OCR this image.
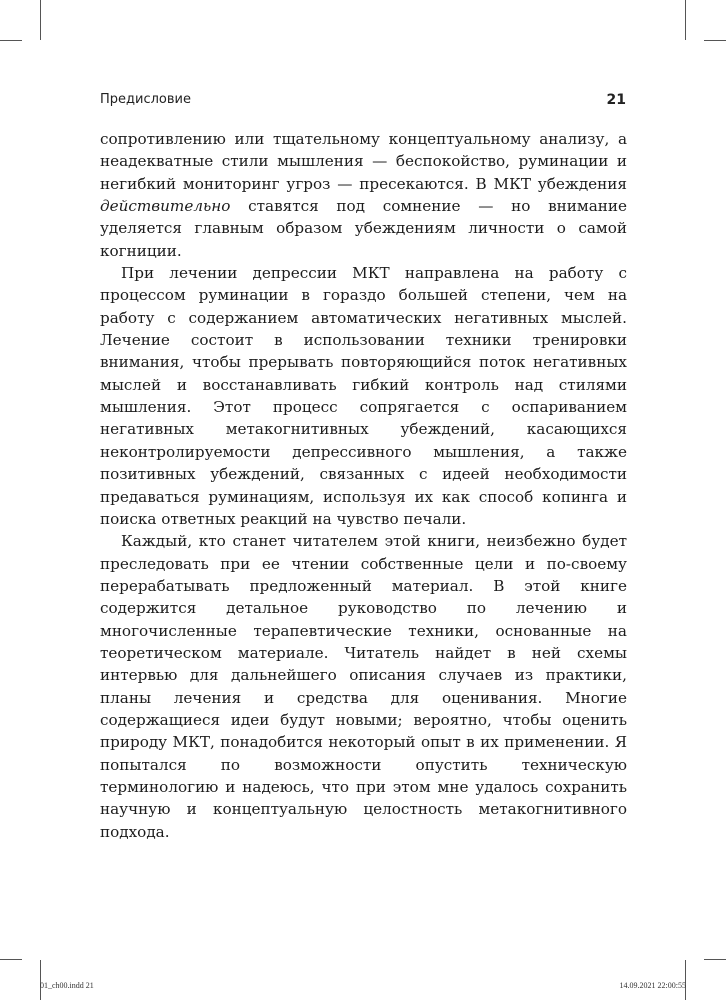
Предисловие	21

сопротивлению или тщательному концептуальному анализу, а неадекватные стили мышления — беспокойство, руминации и негибкий мониторинг угроз — пресекаются. В МКТ убеждения действительно ставятся под сомнение — но внимание уделяется главным образом убеждениям личности о самой когниции.

При лечении депрессии МКТ направлена на работу с процессом руминации в гораздо большей степени, чем на работу с содержанием автоматических негативных мыслей. Лечение состоит в использовании техники тренировки внимания, чтобы прерывать повторяющийся поток негативных мыслей и восстанавливать гибкий контроль над стилями мышления. Этот процесс сопрягается с оспариванием негативных метакогнитивных убеждений, касающихся неконтролируемости депрессивного мышления, а также позитивных убеждений, связанных с идеей необходимости предаваться руминациям, используя их как способ копинга и поиска ответных реакций на чувство печали.

Каждый, кто станет читателем этой книги, неизбежно будет преследовать при ее чтении собственные цели и по-своему перерабатывать предложенный материал. В этой книге содержится детальное руководство по лечению и многочисленные терапевтические техники, основанные на теоретическом материале. Читатель найдет в ней схемы интервью для дальнейшего описания случаев из практики, планы лечения и средства для оценивания. Многие содержащиеся идеи будут новыми; вероятно, чтобы оценить природу МКТ, понадобится некоторый опыт в их применении. Я попытался по возможности опустить техническую терминологию и надеюсь, что при этом мне удалось сохранить научную и концептуальную целостность метакогнитивного подхода.

01_ch00.indd 21	14.09.2021 22:00:55
